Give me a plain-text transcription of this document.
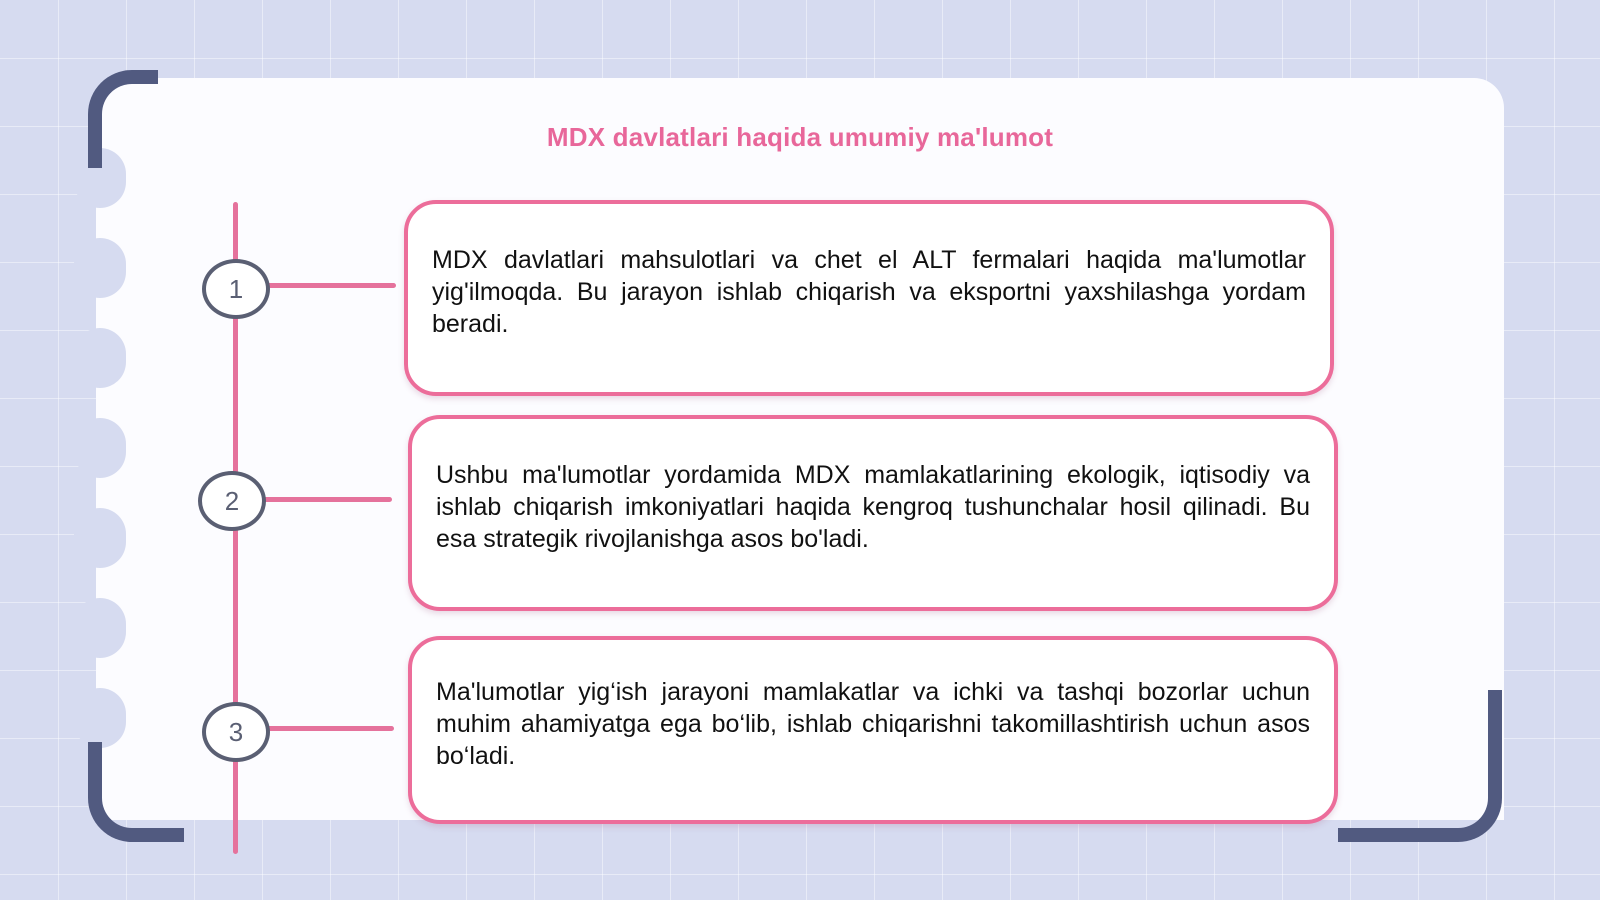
MDX davlatlari haqida umumiy ma'lumot
1

MDX davlatlari mahsulotlari va chet el ALT fermalari haqida ma'lumotlar yig'ilmoqda. Bu jarayon ishlab chiqarish va eksportni yaxshilashga yordam beradi.

2

Ushbu ma'lumotlar yordamida MDX mamlakatlarining ekologik, iqtisodiy va ishlab chiqarish imkoniyatlari haqida kengroq tushunchalar hosil qilinadi. Bu esa strategik rivojlanishga asos bo'ladi.

3

Ma'lumotlar yig‘ish jarayoni mamlakatlar va ichki va tashqi bozorlar uchun muhim ahamiyatga ega bo‘lib, ishlab chiqarishni takomillashtirish uchun asos bo‘ladi.
